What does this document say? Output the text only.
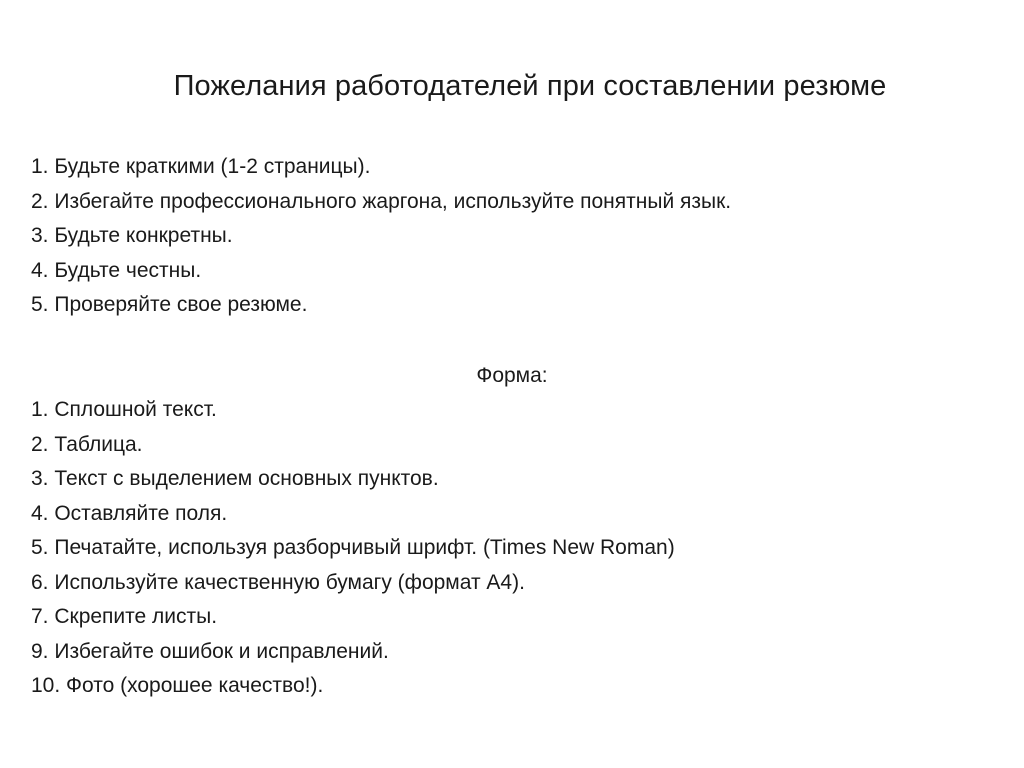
Пожелания работодателей при составлении резюме
1. Будьте краткими (1-2 страницы).
2. Избегайте профессионального жаргона, используйте понятный язык.
3. Будьте конкретны.
4. Будьте честны.
5. Проверяйте свое резюме.
Форма:
1. Сплошной текст.
2. Таблица.
3. Текст с выделением основных пунктов.
4. Оставляйте поля.
5. Печатайте, используя разборчивый шрифт. (Times New Roman)
6. Используйте качественную бумагу (формат А4).
7. Скрепите листы.
9. Избегайте ошибок и исправлений.
10. Фото (хорошее качество!).
